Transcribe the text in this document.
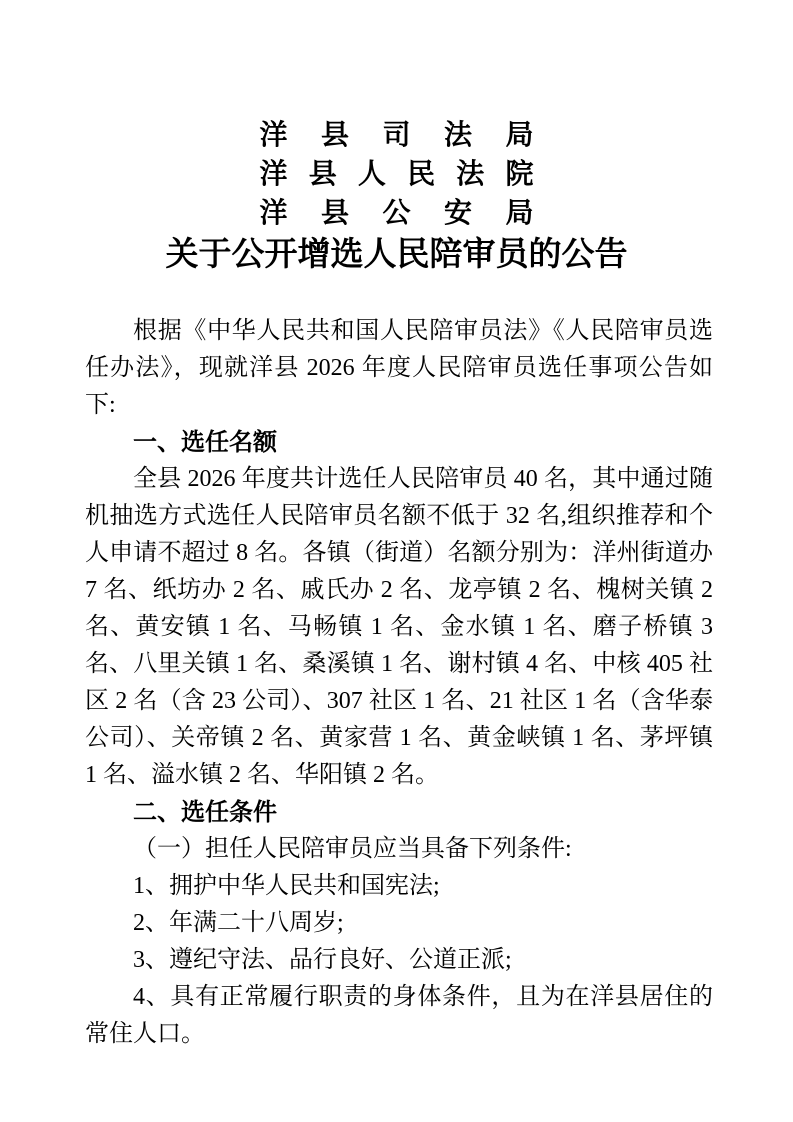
洋 县 司 法 局
洋 县 人 民 法 院
洋 县 公 安 局
关于公开增选人民陪审员的公告

根据《中华人民共和国人民陪审员法》《人民陪审员选任办法》，现就洋县 2026 年度人民陪审员选任事项公告如下:

一、选任名额

全县 2026 年度共计选任人民陪审员 40 名，其中通过随机抽选方式选任人民陪审员名额不低于 32 名,组织推荐和个人申请不超过 8 名。各镇（街道）名额分别为：洋州街道办 7 名、纸坊办 2 名、戚氏办 2 名、龙亭镇 2 名、槐树关镇 2 名、黄安镇 1 名、马畅镇 1 名、金水镇 1 名、磨子桥镇 3 名、八里关镇 1 名、桑溪镇 1 名、谢村镇 4 名、中核 405 社区 2 名（含 23 公司）、307 社区 1 名、21 社区 1 名（含华泰公司）、关帝镇 2 名、黄家营 1 名、黄金峡镇 1 名、茅坪镇 1 名、溢水镇 2 名、华阳镇 2 名。

二、选任条件

（一）担任人民陪审员应当具备下列条件:

1、拥护中华人民共和国宪法;

2、年满二十八周岁;

3、遵纪守法、品行良好、公道正派;

4、具有正常履行职责的身体条件，且为在洋县居住的常住人口。
